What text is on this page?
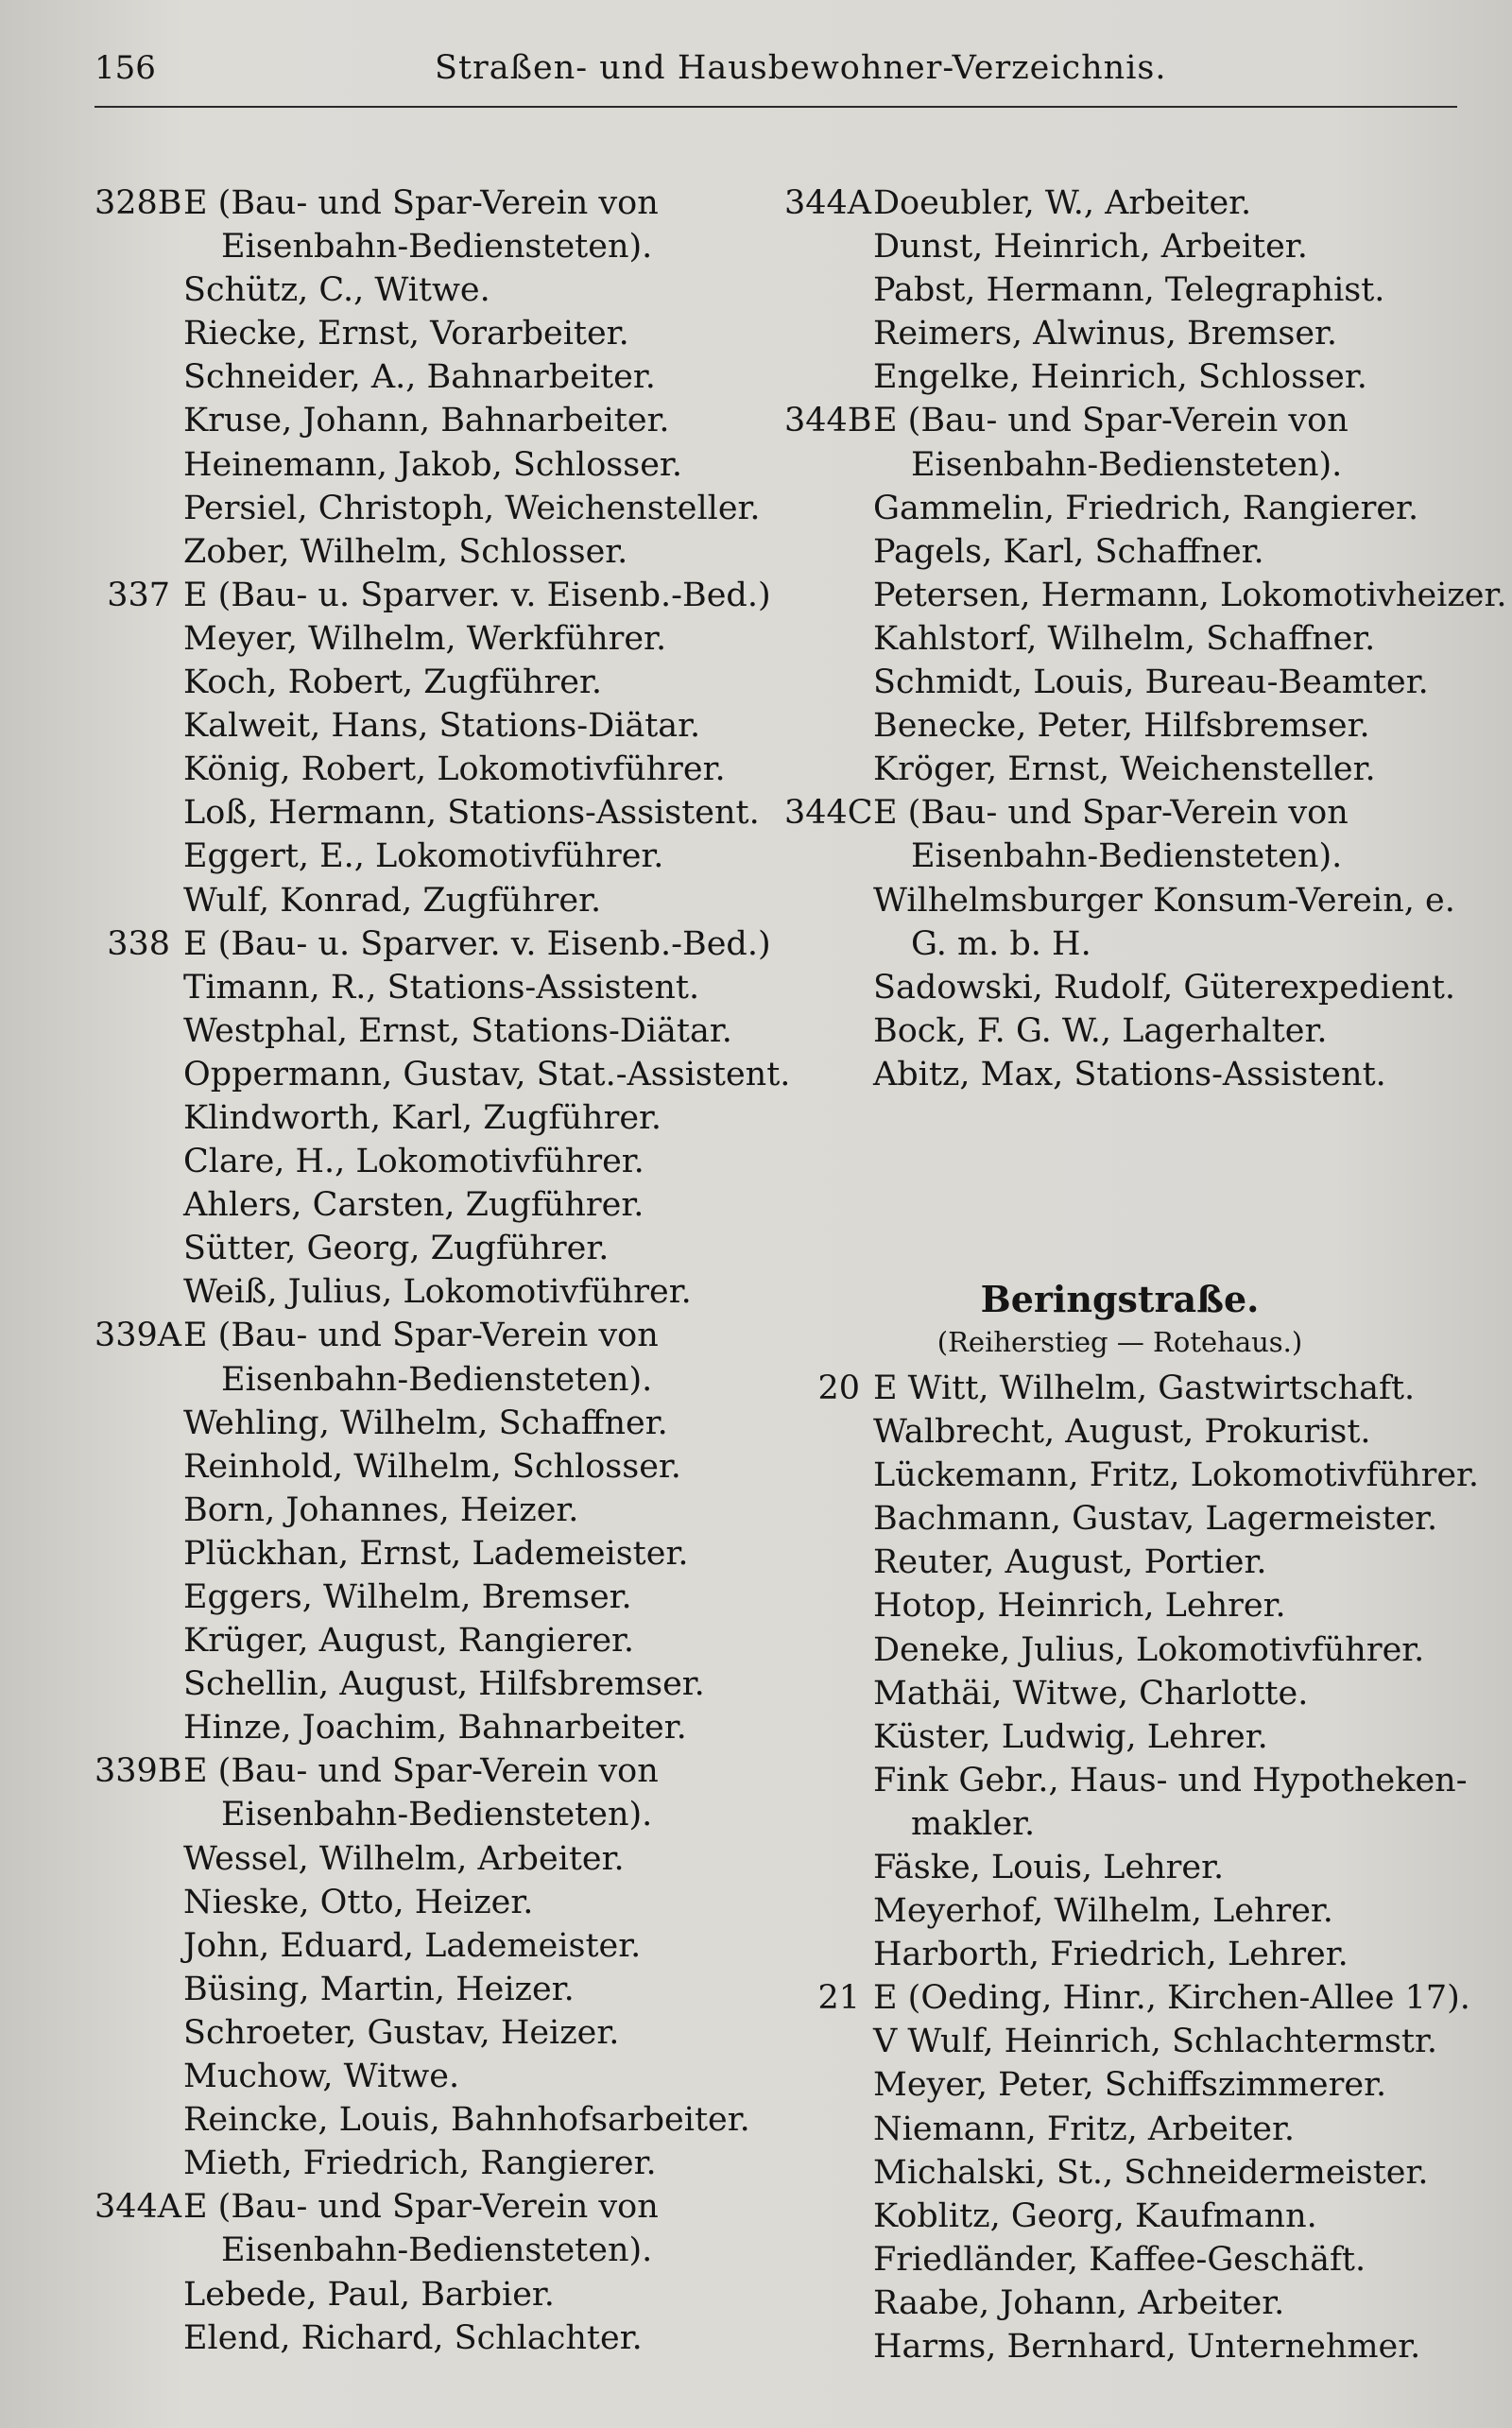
156	Straßen- und Hausbewohner-Verzeichnis.
328B E (Bau- und Spar-Verein von
Eisenbahn-Bediensteten).
Schütz, C., Witwe.
Riecke, Ernst, Vorarbeiter.
Schneider, A., Bahnarbeiter.
Kruse, Johann, Bahnarbeiter.
Heinemann, Jakob, Schlosser.
Persiel, Christoph, Weichensteller.
Zober, Wilhelm, Schlosser.
337 E (Bau- u. Sparver. v. Eisenb.-Bed.)
Meyer, Wilhelm, Werkführer.
Koch, Robert, Zugführer.
Kalweit, Hans, Stations-Diätar.
König, Robert, Lokomotivführer.
Loß, Hermann, Stations-Assistent.
Eggert, E., Lokomotivführer.
Wulf, Konrad, Zugführer.
338 E (Bau- u. Sparver. v. Eisenb.-Bed.)
Timann, R., Stations-Assistent.
Westphal, Ernst, Stations-Diätar.
Oppermann, Gustav, Stat.-Assistent.
Klindworth, Karl, Zugführer.
Clare, H., Lokomotivführer.
Ahlers, Carsten, Zugführer.
Sütter, Georg, Zugführer.
Weiß, Julius, Lokomotivführer.
339A E (Bau- und Spar-Verein von
Eisenbahn-Bediensteten).
Wehling, Wilhelm, Schaffner.
Reinhold, Wilhelm, Schlosser.
Born, Johannes, Heizer.
Plückhan, Ernst, Lademeister.
Eggers, Wilhelm, Bremser.
Krüger, August, Rangierer.
Schellin, August, Hilfsbremser.
Hinze, Joachim, Bahnarbeiter.
339B E (Bau- und Spar-Verein von
Eisenbahn-Bediensteten).
Wessel, Wilhelm, Arbeiter.
Nieske, Otto, Heizer.
John, Eduard, Lademeister.
Büsing, Martin, Heizer.
Schroeter, Gustav, Heizer.
Muchow, Witwe.
Reincke, Louis, Bahnhofsarbeiter.
Mieth, Friedrich, Rangierer.
344A E (Bau- und Spar-Verein von
Eisenbahn-Bediensteten).
Lebede, Paul, Barbier.
Elend, Richard, Schlachter.
344A Doeubler, W., Arbeiter.
Dunst, Heinrich, Arbeiter.
Pabst, Hermann, Telegraphist.
Reimers, Alwinus, Bremser.
Engelke, Heinrich, Schlosser.
344B E (Bau- und Spar-Verein von
Eisenbahn-Bediensteten).
Gammelin, Friedrich, Rangierer.
Pagels, Karl, Schaffner.
Petersen, Hermann, Lokomotivheizer.
Kahlstorf, Wilhelm, Schaffner.
Schmidt, Louis, Bureau-Beamter.
Benecke, Peter, Hilfsbremser.
Kröger, Ernst, Weichensteller.
344C E (Bau- und Spar-Verein von
Eisenbahn-Bediensteten).
Wilhelmsburger Konsum-Verein, e.
G. m. b. H.
Sadowski, Rudolf, Güterexpedient.
Bock, F. G. W., Lagerhalter.
Abitz, Max, Stations-Assistent.
Beringstraße.
(Reiherstieg — Rotehaus.)
20 E Witt, Wilhelm, Gastwirtschaft.
Walbrecht, August, Prokurist.
Lückemann, Fritz, Lokomotivführer.
Bachmann, Gustav, Lagermeister.
Reuter, August, Portier.
Hotop, Heinrich, Lehrer.
Deneke, Julius, Lokomotivführer.
Mathäi, Witwe, Charlotte.
Küster, Ludwig, Lehrer.
Fink Gebr., Haus- und Hypotheken-
makler.
Fäske, Louis, Lehrer.
Meyerhof, Wilhelm, Lehrer.
Harborth, Friedrich, Lehrer.
21 E (Oeding, Hinr., Kirchen-Allee 17).
V Wulf, Heinrich, Schlachtermstr.
Meyer, Peter, Schiffszimmerer.
Niemann, Fritz, Arbeiter.
Michalski, St., Schneidermeister.
Koblitz, Georg, Kaufmann.
Friedländer, Kaffee-Geschäft.
Raabe, Johann, Arbeiter.
Harms, Bernhard, Unternehmer.
